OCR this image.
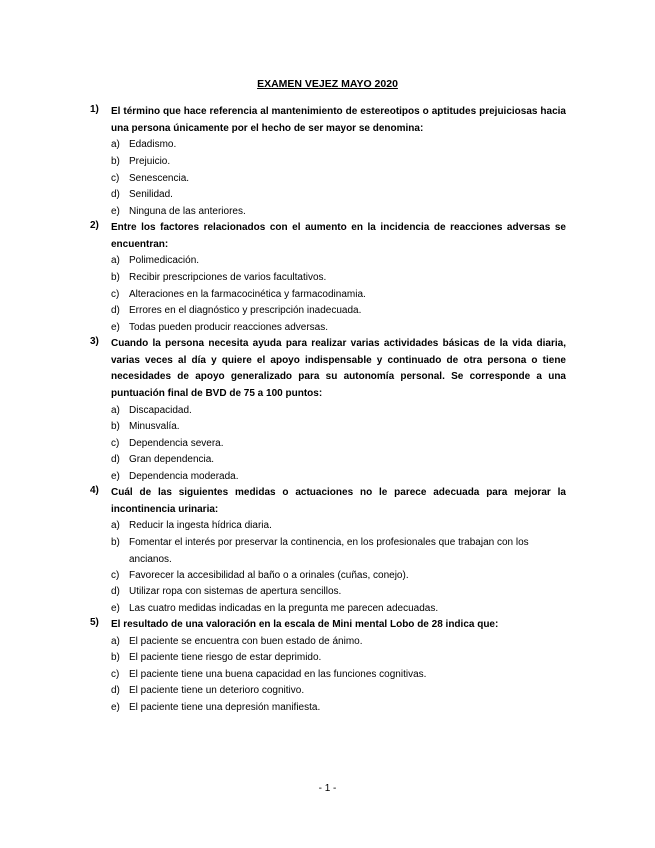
EXAMEN VEJEZ MAYO 2020
1) El término que hace referencia al mantenimiento de estereotipos o aptitudes prejuiciosas hacia una persona únicamente por el hecho de ser mayor se denomina:
a) Edadismo.
b) Prejuicio.
c) Senescencia.
d) Senilidad.
e) Ninguna de las anteriores.
2) Entre los factores relacionados con el aumento en la incidencia de reacciones adversas se encuentran:
a) Polimedicación.
b) Recibir prescripciones de varios facultativos.
c) Alteraciones en la farmacocinética y farmacodinamia.
d) Errores en el diagnóstico y prescripción inadecuada.
e) Todas pueden producir reacciones adversas.
3) Cuando la persona necesita ayuda para realizar varias actividades básicas de la vida diaria, varias veces al día y quiere el apoyo indispensable y continuado de otra persona o tiene necesidades de apoyo generalizado para su autonomía personal. Se corresponde a una puntuación final de BVD de 75 a 100 puntos:
a) Discapacidad.
b) Minusvalía.
c) Dependencia severa.
d) Gran dependencia.
e) Dependencia moderada.
4) Cuál de las siguientes medidas o actuaciones no le parece adecuada para mejorar la incontinencia urinaria:
a) Reducir la ingesta hídrica diaria.
b) Fomentar el interés por preservar la continencia, en los profesionales que trabajan con los ancianos.
c) Favorecer la accesibilidad al baño o a orinales (cuñas, conejo).
d) Utilizar ropa con sistemas de apertura sencillos.
e) Las cuatro medidas indicadas en la pregunta me parecen adecuadas.
5) El resultado de una valoración en la escala de Mini mental Lobo de 28 indica que:
a) El paciente se encuentra con buen estado de ánimo.
b) El paciente tiene riesgo de estar deprimido.
c) El paciente tiene una buena capacidad en las funciones cognitivas.
d) El paciente tiene un deterioro cognitivo.
e) El paciente tiene una depresión manifiesta.
- 1 -
